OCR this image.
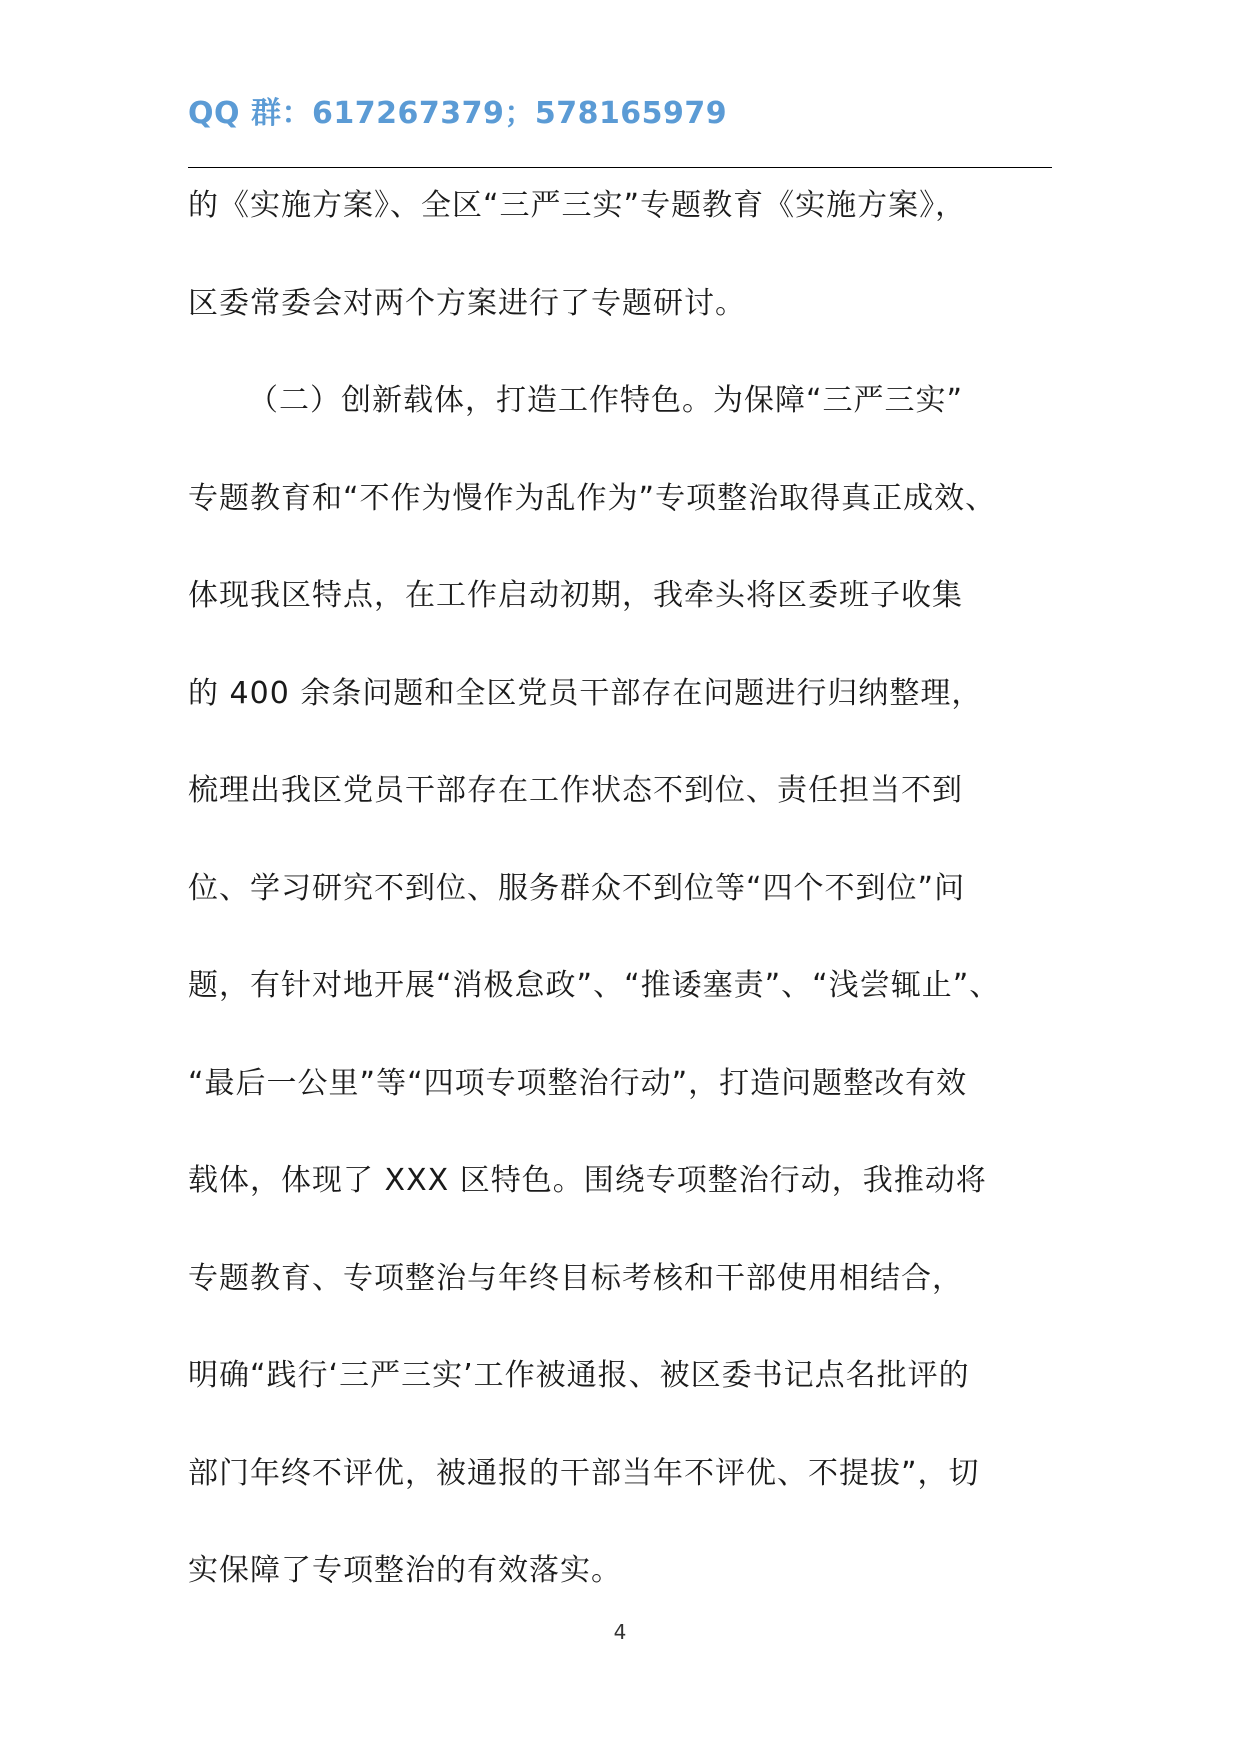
QQ 群：617267379；578165979
的《实施方案》、全区“三严三实”专题教育《实施方案》，
区委常委会对两个方案进行了专题研讨。
（二）创新载体，打造工作特色。为保障“三严三实”
专题教育和“不作为慢作为乱作为”专项整治取得真正成效、
体现我区特点，在工作启动初期，我牵头将区委班子收集
的 400 余条问题和全区党员干部存在问题进行归纳整理，
梳理出我区党员干部存在工作状态不到位、责任担当不到
位、学习研究不到位、服务群众不到位等“四个不到位”问
题，有针对地开展“消极怠政”、“推诿塞责”、“浅尝辄止”、
“最后一公里”等“四项专项整治行动”，打造问题整改有效
载体，体现了 XXX 区特色。围绕专项整治行动，我推动将
专题教育、专项整治与年终目标考核和干部使用相结合，
明确“践行‘三严三实’工作被通报、被区委书记点名批评的
部门年终不评优，被通报的干部当年不评优、不提拔”，切
实保障了专项整治的有效落实。
4
